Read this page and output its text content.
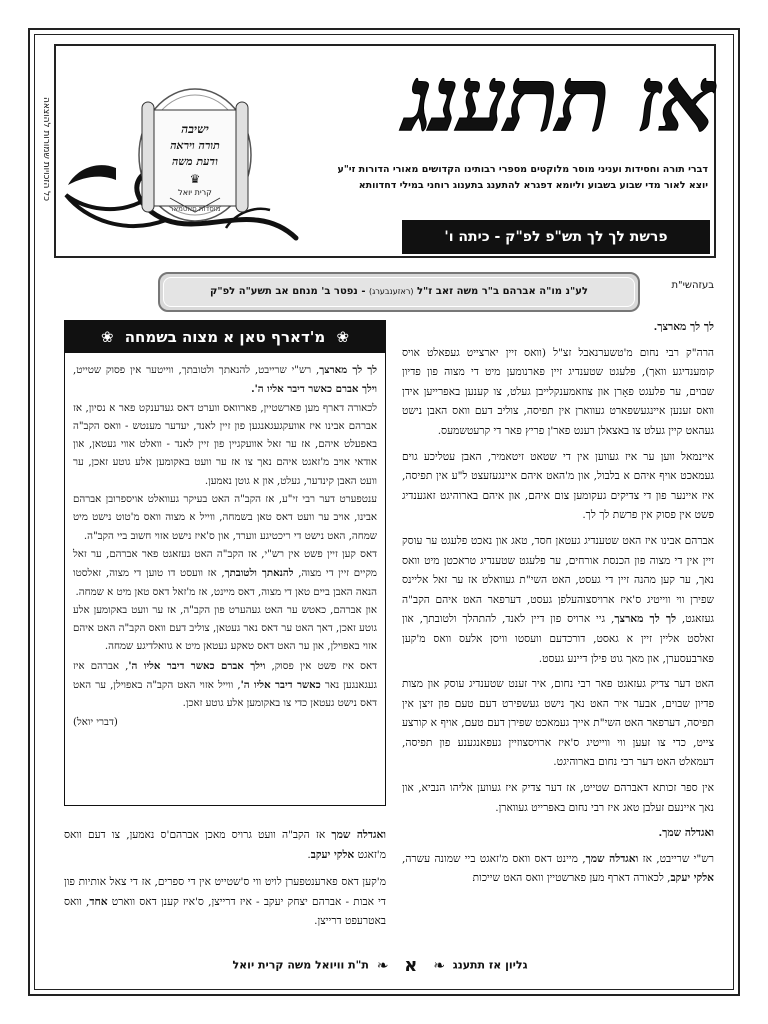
כל הזכויות שמורות להוצאה	ישיבה
תורה ויראה
ודעת משה
♛
קרית יואל
מוסדות סאטמאר
אז תתענג
דברי תורה וחסידות ועניני מוסר מלוקטים מספרי רבותינו הקדושים מאורי הדורות זי"ע
יוצא לאור מדי שבוע בשבוע וליומא דפגרא להתענג בתענוג רוחני במילי דחדוותא
פרשת לך לך תש"פ לפ"ק - כיתה ו'
בעזהשי"ת
לע"נ מו"ה אברהם ב"ר משה זאב ז"ל (ראזענבערג) - נפטר ב' מנחם אב תשע"ה לפ"ק
לך לך מארצך.

הרה"ק רבי נחום מ'טשערנאבל זצ"ל (וואס זיין יארצייט געפאלט אויס קומענדיגע וואך), פלעגט שטענדיג זיין פארנומען מיט די מצוה פון פדיון שבוים, ער פלעגט פאָרן און צוזאמענקלייבן געלט, צו קענען באפרייען אידן וואס זענען איינגעשפארט געווארן אין תפיסה, צוליב דעם וואס האבן נישט געהאט קיין געלט צו באצאלן רענט פאר'ן פריץ פאר די קרעטשמעס.

איינמאל ווען ער איז געווען אין די שטאט זיטאמיר, האבן עטליכע גוים געמאכט אויף איהם א בלבול, און מ'האט איהם איינגעזעצט ל"ע אין תפיסה, איז איינער פון די צדיקים געקומען צום איהם, און איהם בארוהיגט זאגענדיג פשט אין פסוק אין פרשת לך לך.

אברהם אבינו איז האט שטענדיג געטאן חסד, טאג און נאכט פלעגט ער עוסק זיין אין די מצוה פון הכנסת אורחים, ער פלעגט שטענדיג טראכטן מיט וואס נאך, ער קען מהנה זיין די געסט, האט השי"ת געוואלט אז ער זאל אליינס שפירן ווי ווייטיג ס'איז ארויסצוהעלפן געסט, דערפאר האט איהם הקב"ה געזאגט, לך לך מארצך, גיי ארויס פון דיין לאנד, להתהלך ולטובתך, און זאלסט אליין זיין א גאסט, דורכדעם וועסטו וויסן אלעס וואס מ'קען פארבעסערן, און מאך גוט פילן דיינע געסט.

האט דער צדיק געזאגט פאר רבי נחום, איר זענט שטענדיג עוסק און מצות פדיון שבוים, אבער איר האט נאך נישט געשפירט דעם טעם פון זיצן אין תפיסה, דערפאר האט השי"ת אייך געמאכט שפירן דעם טעם, אויף א קורצע צייט, כדי צו זעען ווי ווייטיג ס'איז ארויסצוזיין געפאנגענע פון תפיסה, דעמאלט האט דער רבי נחום בארוהיגט.

אין ספר זכותא דאברהם שטייט, אז דער צדיק איז געווען אליהו הנביא, און נאך איינעם זעלבן טאג איז רבי נחום באפרייט געווארן.

ואגדלה שמך.

רש"י שרייבט, אז ואגדלה שמך, מיינט דאס וואס מ'זאגט ביי שמונה עשרה, אלקי יעקב, לכאורה דארף מען פארשטיין וואס האט שייכות

❀ מ'דארף טאן א מצוה בשמחה ❀

לך לך מארצך, רש"י שרייבט, להנאתך ולטובתך, ווייטער אין פסוק שטייט, וילך אברם כאשר דיבר אליו ה'.

לכאורה דארף מען פארשטיין, פארוואס ווערט דאס געדענקט פאר א נסיון, אז אברהם אבינו איז אוועקגעגאנגען פון זיין לאנד, יעדער מענטש - וואס הקב"ה באפעלט איהם, אז ער זאל אוועקגיין פון זיין לאנד - וואלט אווי געטאן, און אודאי אויב מ'זאגט איהם נאך צו אז ער וועט באקומען אלע גוטע זאכן, ער וועט האבן קינדער, געלט, און א גוטן נאמען.

ענטפערט דער רבי זי"ע, אז הקב"ה האט בעיקר געוואלט אויספרובן אברהם אבינו, אויב ער וועט דאס טאן בשמחה, ווייל א מצוה וואס מ'טוט נישט מיט שמחה, האט נישט די ריכטיגע ווערד, און ס'איז נישט אזוי חשוב ביי הקב"ה.

דאס קען זיין פשט אין רש"י, אז הקב"ה האט געזאגט פאר אברהם, ער זאל מקיים זיין די מצוה, להנאתך ולטובתך, אז וועסט דו טוען די מצוה, זאלסטו הנאה האבן ביים טאן די מצוה, דאס מיינט, אז מ'זאל דאס טאן מיט א שמחה.

און אברהם, כאטש ער האט געהערט פון הקב"ה, אז ער וועט באקומען אלע גוטע זאכן, דאך האט ער דאס נאר געטאן, צוליב דעם וואס הקב"ה האט איהם אזוי באפוילן, און ער האט דאס טאקע געטאן מיט א גוואלדיגע שמחה.

דאס איז פשט אין פסוק, וילך אברם כאשר דיבר אליו ה', אברהם איז געגאנגען נאר כאשר דיבר אליו ה', ווייל אזוי האט הקב"ה באפוילן, ער האט דאס נישט געטאן כדי צו באקומען אלע גוטע זאכן.

(דברי יואל)

ואגדלה שמך אז הקב"ה וועט גרויס מאכן אברהם'ס נאמען, צו דעם וואס מ'זאגט אלקי יעקב.

מ'קען דאס פארענטפערן לויט ווי ס'שטייט אין די ספרים, אז די צאל אותיות פון די אבות - אברהם יצחק יעקב - איז דרייצן, ס'איז קענן דאס ווארט אחד, וואס באטרעפט דרייצן.

גליון אז תתענג ❧ א ❧ ת"ת וויואל משה קרית יואל
